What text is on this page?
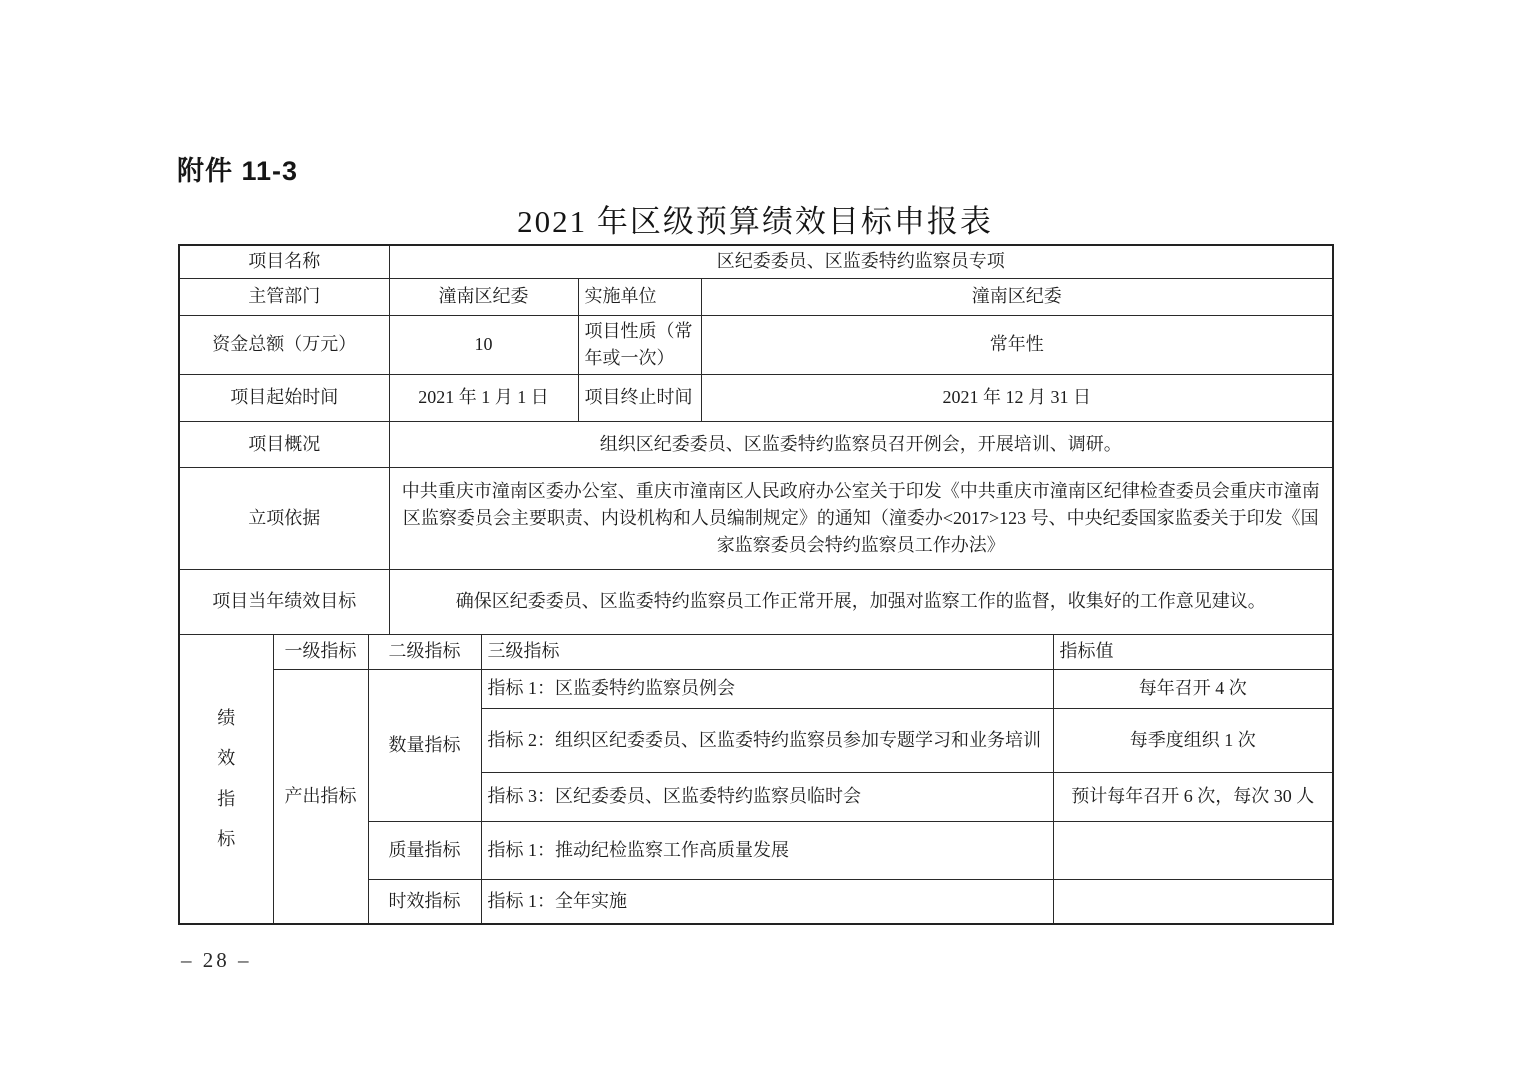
附件 11-3
2021 年区级预算绩效目标申报表
项目名称			区纪委委员、区监委特约监察员专项				
主管部门			潼南区纪委		实施单位	潼南区纪委	
资金总额（万元）			10		项目性质（常年或一次）	常年性	
项目起始时间			2021 年 1 月 1 日		项目终止时间	2021 年 12 月 31 日	
项目概况			组织区纪委委员、区监委特约监察员召开例会，开展培训、调研。				
立项依据			中共重庆市潼南区委办公室、重庆市潼南区人民政府办公室关于印发《中共重庆市潼南区纪律检查委员会重庆市潼南区监察委员会主要职责、内设机构和人员编制规定》的通知（潼委办<2017>123 号、中央纪委国家监委关于印发《国家监察委员会特约监察员工作办法》				
项目当年绩效目标			确保区纪委委员、区监委特约监察员工作正常开展，加强对监察工作的监督，收集好的工作意见建议。				
绩效指标	一级指标	二级指标		三级指标			指标值
	产出指标	数量指标		指标 1：区监委特约监察员例会			每年召开 4 次
				指标 2：组织区纪委委员、区监委特约监察员参加专题学习和业务培训			每季度组织 1 次
				指标 3：区纪委委员、区监委特约监察员临时会			预计每年召开 6 次，每次 30 人
		质量指标		指标 1：推动纪检监察工作高质量发展			
		时效指标		指标 1：全年实施			
– 28 –
